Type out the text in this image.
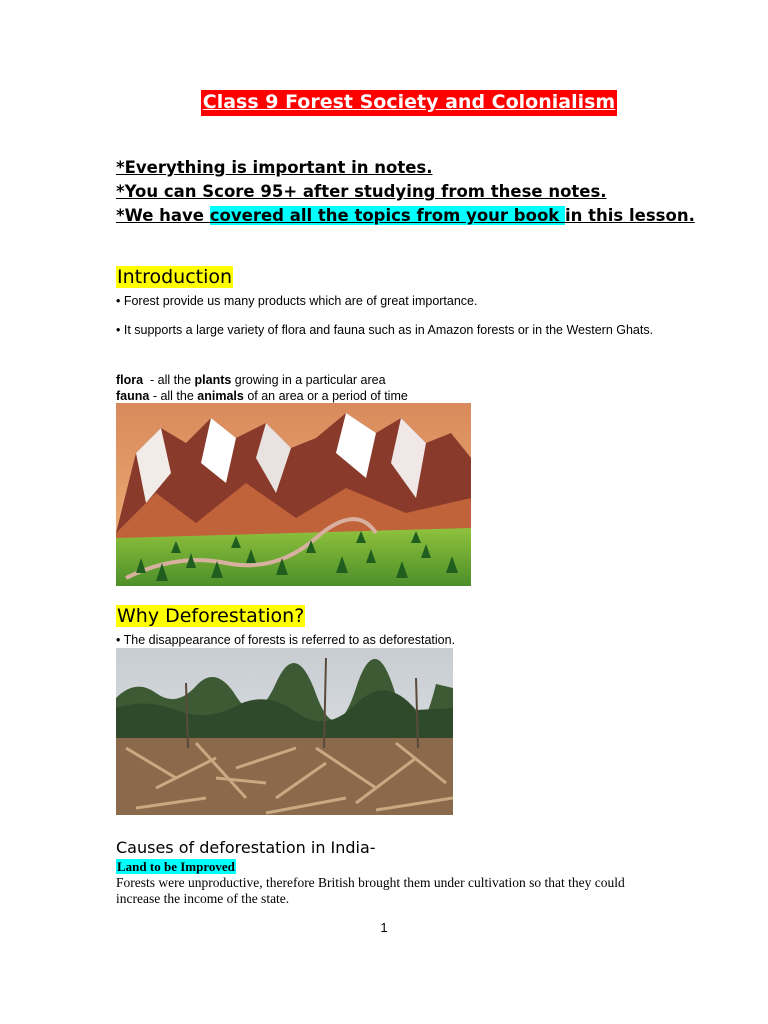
Class 9 Forest Society and Colonialism
*Everything is important in notes.
*You can Score 95+ after studying from these notes.
*We have covered all the topics from your book in this lesson.
Introduction
• Forest provide us many products which are of great importance.
• It supports a large variety of flora and fauna such as in Amazon forests or in the Western Ghats.
flora  - all the plants growing in a particular area
fauna - all the animals of an area or a period of time
Why Deforestation?
• The disappearance of forests is referred to as deforestation.
Causes of deforestation in India-
Land to be Improved
Forests were unproductive, therefore British brought them under cultivation so that they could increase the income of the state.
1
